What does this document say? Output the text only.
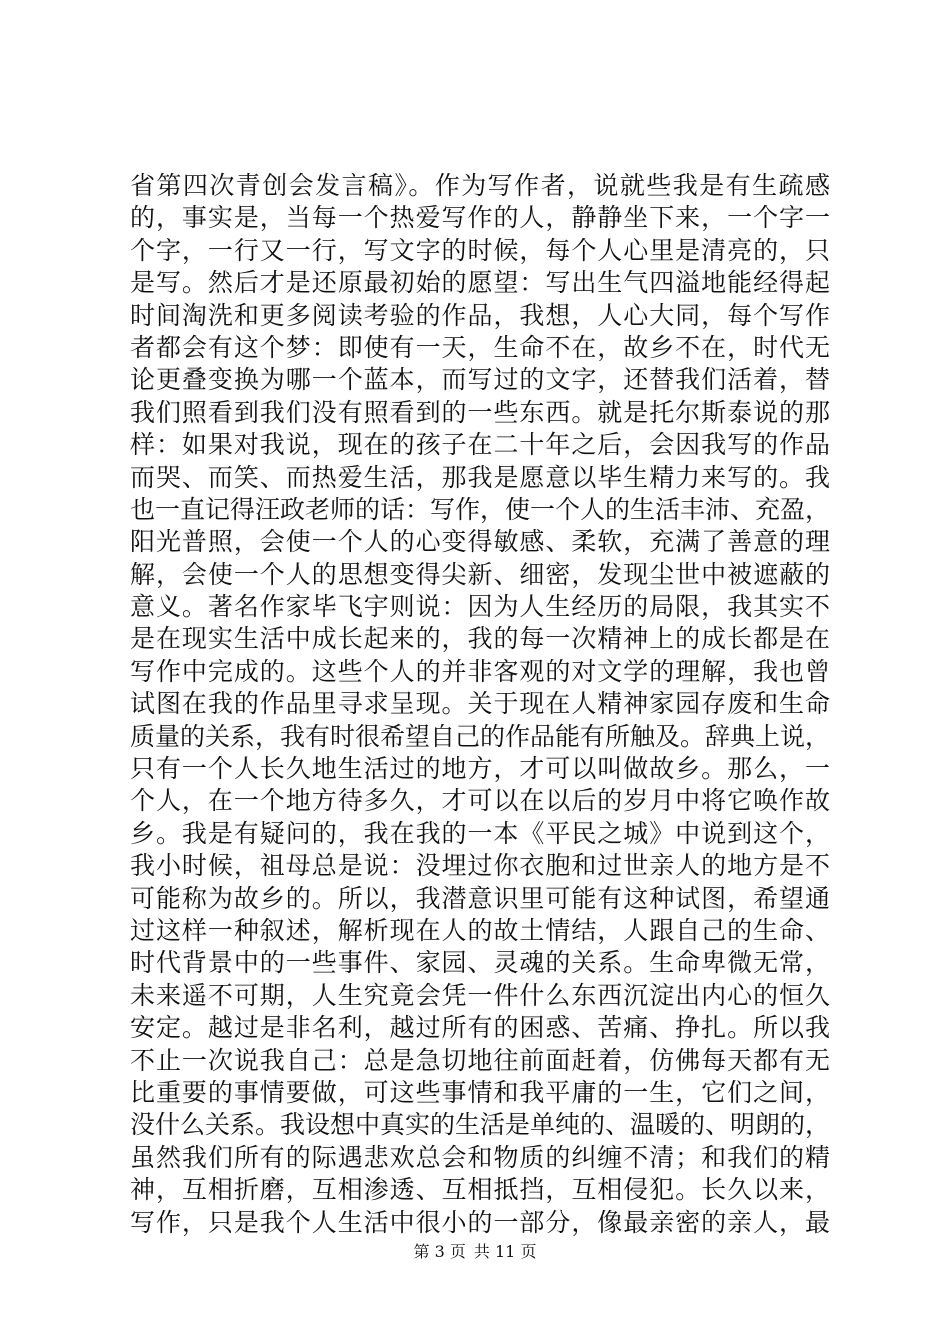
省第四次青创会发言稿》。作为写作者，说就些我是有生疏感
的，事实是，当每一个热爱写作的人，静静坐下来，一个字一
个字，一行又一行，写文字的时候，每个人心里是清亮的，只
是写。然后才是还原最初始的愿望：写出生气四溢地能经得起
时间淘洗和更多阅读考验的作品，我想，人心大同，每个写作
者都会有这个梦：即使有一天，生命不在，故乡不在，时代无
论更叠变换为哪一个蓝本，而写过的文字，还替我们活着，替
我们照看到我们没有照看到的一些东西。就是托尔斯泰说的那
样：如果对我说，现在的孩子在二十年之后，会因我写的作品
而哭、而笑、而热爱生活，那我是愿意以毕生精力来写的。我
也一直记得汪政老师的话：写作，使一个人的生活丰沛、充盈，
阳光普照，会使一个人的心变得敏感、柔软，充满了善意的理
解，会使一个人的思想变得尖新、细密，发现尘世中被遮蔽的
意义。著名作家毕飞宇则说：因为人生经历的局限，我其实不
是在现实生活中成长起来的，我的每一次精神上的成长都是在
写作中完成的。这些个人的并非客观的对文学的理解，我也曾
试图在我的作品里寻求呈现。关于现在人精神家园存废和生命
质量的关系，我有时很希望自己的作品能有所触及。辞典上说，
只有一个人长久地生活过的地方，才可以叫做故乡。那么，一
个人，在一个地方待多久，才可以在以后的岁月中将它唤作故
乡。我是有疑问的，我在我的一本《平民之城》中说到这个，
我小时候，祖母总是说：没埋过你衣胞和过世亲人的地方是不
可能称为故乡的。所以，我潜意识里可能有这种试图，希望通
过这样一种叙述，解析现在人的故土情结，人跟自己的生命、
时代背景中的一些事件、家园、灵魂的关系。生命卑微无常，
未来遥不可期，人生究竟会凭一件什么东西沉淀出内心的恒久
安定。越过是非名利，越过所有的困惑、苦痛、挣扎。所以我
不止一次说我自己：总是急切地往前面赶着，仿佛每天都有无
比重要的事情要做，可这些事情和我平庸的一生，它们之间，
没什么关系。我设想中真实的生活是单纯的、温暖的、明朗的，
虽然我们所有的际遇悲欢总会和物质的纠缠不清；和我们的精
神，互相折磨，互相渗透、互相抵挡，互相侵犯。长久以来，
写作，只是我个人生活中很小的一部分，像最亲密的亲人，最
第 3 页 共 11 页
